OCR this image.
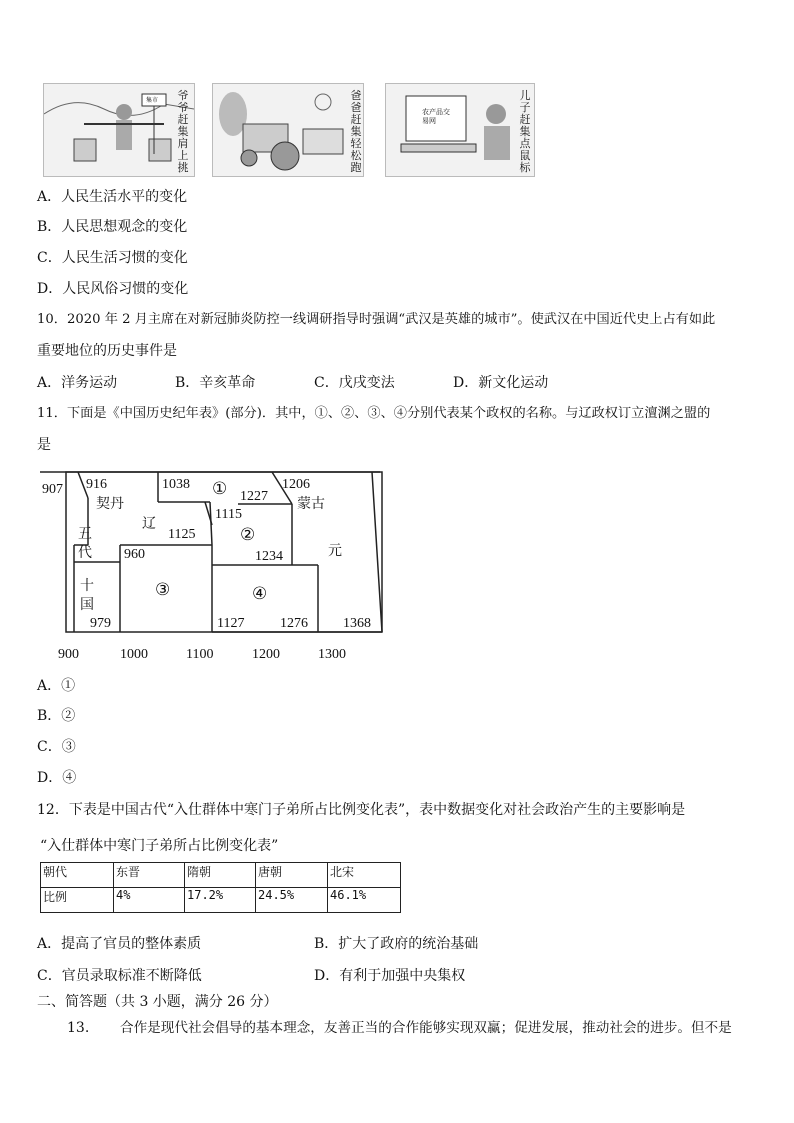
集市 爷爷赶集肩上挑
爸爸赶集轻松跑
农产品交易网
儿子赶集点鼠标
A．人民生活水平的变化
B．人民思想观念的变化
C．人民生活习惯的变化
D．人民风俗习惯的变化
10．2020 年 2 月主席在对新冠肺炎防控一线调研指导时强调“武汉是英雄的城市”。使武汉在中国近代史上占有如此
重要地位的历史事件是
A．洋务运动	B．辛亥革命	C．戊戌变法	D．新文化运动
11．下面是《中国历史纪年表》(部分)．其中，①、②、③、④分别代表某个政权的名称。与辽政权订立澶渊之盟的
是
907 916
契丹
1038 ① 1227
1206
蒙古
辽
1115
1125	②
五
代 960	1234	元
十
国
979
③	④
1127	1276	1368
900	1000	1100	1200	1300
A．①
B．②
C．③
D．④
12．下表是中国古代“入仕群体中寒门子弟所占比例变化表”，表中数据变化对社会政治产生的主要影响是
“入仕群体中寒门子弟所占比例变化表”
朝代	东晋	隋朝	唐朝	北宋
比例	4%	17.2%	24.5%	46.1%
A．提高了官员的整体素质	B．扩大了政府的统治基础
C．官员录取标准不断降低	D．有利于加强中央集权
二、简答题（共 3 小题，满分 26 分）
13. 合作是现代社会倡导的基本理念，友善正当的合作能够实现双赢；促进发展，推动社会的进步。但不是
